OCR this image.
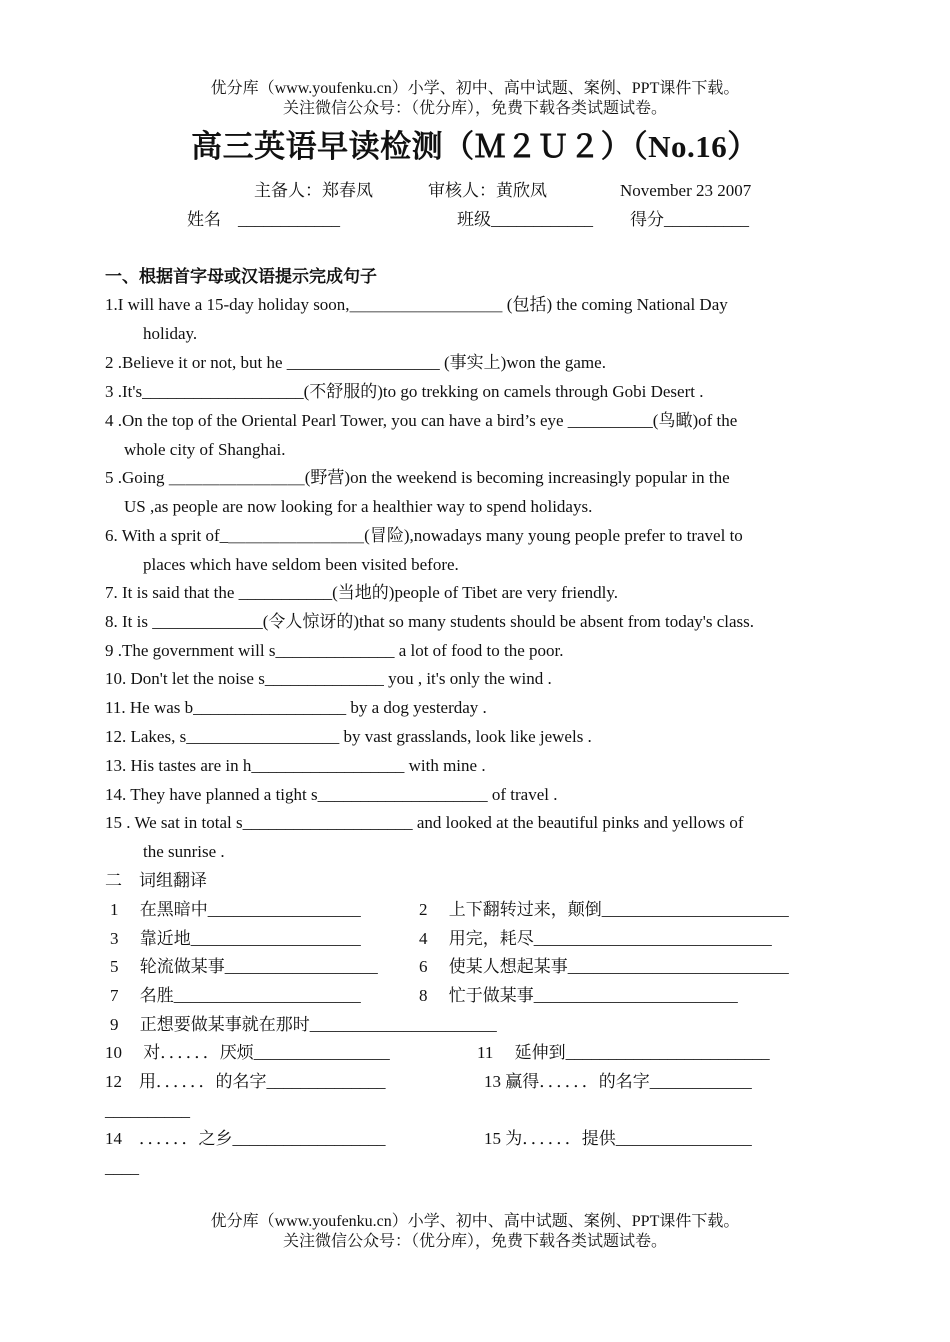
优分库（www.youfenku.cn）小学、初中、高中试题、案例、PPT课件下载。
关注微信公众号：（优分库），免费下载各类试题试卷。
高三英语早读检测（Ｍ２Ｕ２）（No.16）
主备人：郑春凤	审核人：黄欣凤	November 23 2007
姓名　____________	班级____________ 得分__________
一、根据首字母或汉语提示完成句子
1.I will have a 15-day holiday soon,＿＿＿＿＿＿＿＿＿ (包括) the coming National Day
holiday.
2 .Believe it or not, but he __________________ (事实上)won the game.
3 .It's___________________(不舒服的)to go trekking on camels through Gobi Desert .
4 .On the top of the Oriental Pearl Tower, you can have a bird’s eye __________(鸟瞰)of the
whole city of Shanghai.
5 .Going ＿＿＿＿＿＿＿＿(野营)on the weekend is becoming increasingly popular in the
US ,as people are now looking for a healthier way to spend holidays.
6. With a sprit of_＿＿＿＿＿＿＿＿(冒险),nowadays many young people prefer to travel to
places which have seldom been visited before.
7. It is said that the ___________(当地的)people of Tibet are very friendly.
8. It is _____________(令人惊讶的)that so many students should be absent from today's class.
9 .The government will s______________ a lot of food to the poor.
10. Don't let the noise s______________ you , it's only the wind .
11. He was b__________________ by a dog yesterday .
12. Lakes, s__________________ by vast grasslands, look like jewels .
13. His tastes are in h__________________ with mine .
14. They have planned a tight s____________________ of travel .
15 . We sat in total s____________________ and looked at the beautiful pinks and yellows of
the sunrise .
二　词组翻译
1　 在黑暗中__________________	2　 上下翻转过来，颠倒______________________
3　 靠近地____________________	4　 用完，耗尽____________________________
5　 轮流做某事__________________ 6　 使某人想起某事__________________________
7　 名胜______________________	8　 忙于做某事________________________
9　 正想要做某事就在那时______________________
10　 对．．．．．．厌烦________________	11　 延伸到________________________
12　用．．．．．．的名字______________	13 赢得．．．．．．的名字____________
__________
14　．．．．．．之乡__________________	15 为．．．．．．提供________________
____
优分库（www.youfenku.cn）小学、初中、高中试题、案例、PPT课件下载。
关注微信公众号：（优分库），免费下载各类试题试卷。
